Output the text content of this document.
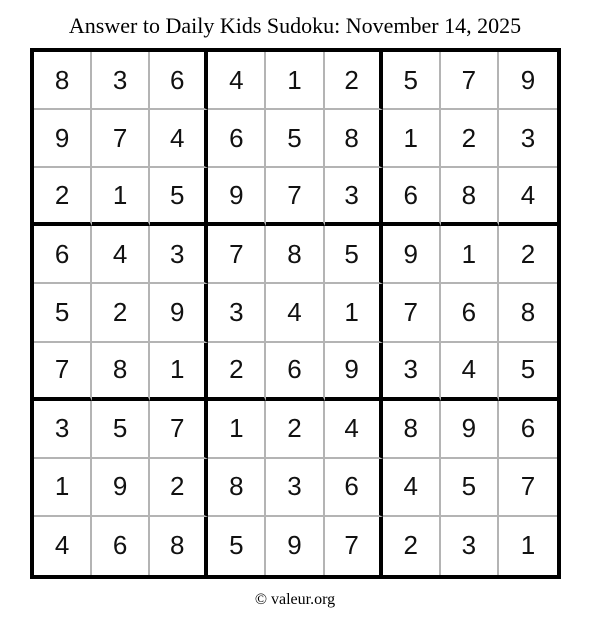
Answer to Daily Kids Sudoku: November 14, 2025
8	3	6	4	1	2	5	7	9
9	7	4	6	5	8	1	2	3
2	1	5	9	7	3	6	8	4
6	4	3	7	8	5	9	1	2
5	2	9	3	4	1	7	6	8
7	8	1	2	6	9	3	4	5
3	5	7	1	2	4	8	9	6
1	9	2	8	3	6	4	5	7
4	6	8	5	9	7	2	3	1
© valeur.org
